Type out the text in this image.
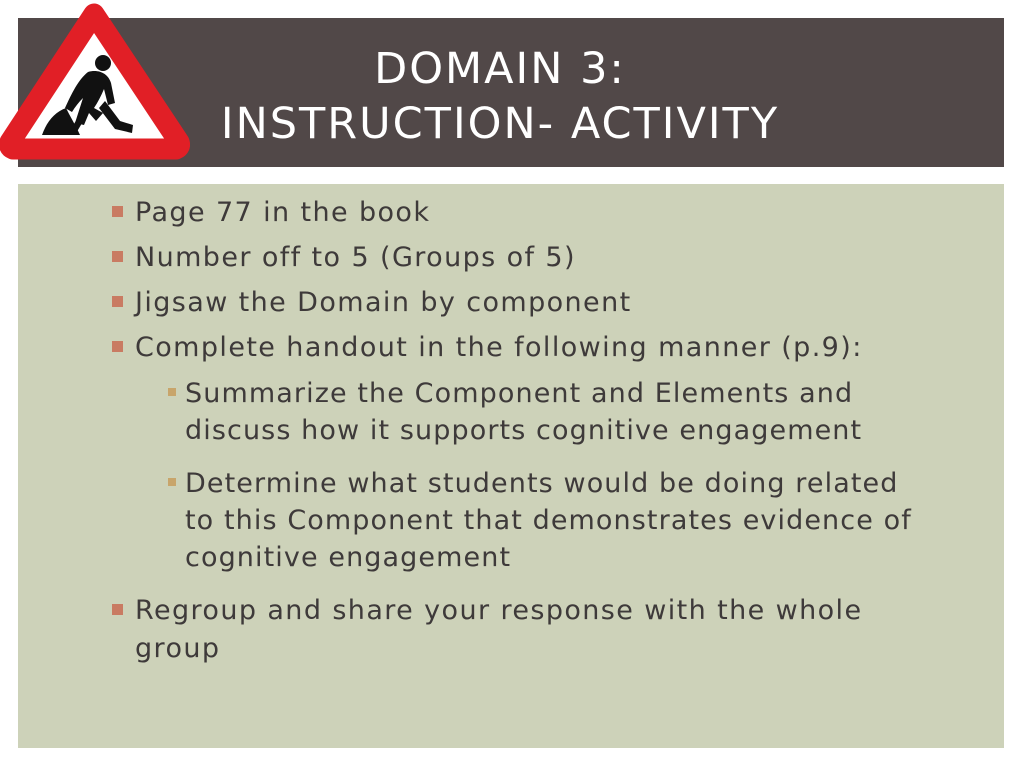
DOMAIN 3:
INSTRUCTION- ACTIVITY
Page 77 in the book
Number off to 5 (Groups of 5)
Jigsaw the Domain by component
Complete handout in the following manner (p.9):
Summarize the Component and Elements and discuss how it supports cognitive engagement
Determine what students would be doing related to this Component that demonstrates evidence of cognitive engagement
Regroup and share your response with the whole group
